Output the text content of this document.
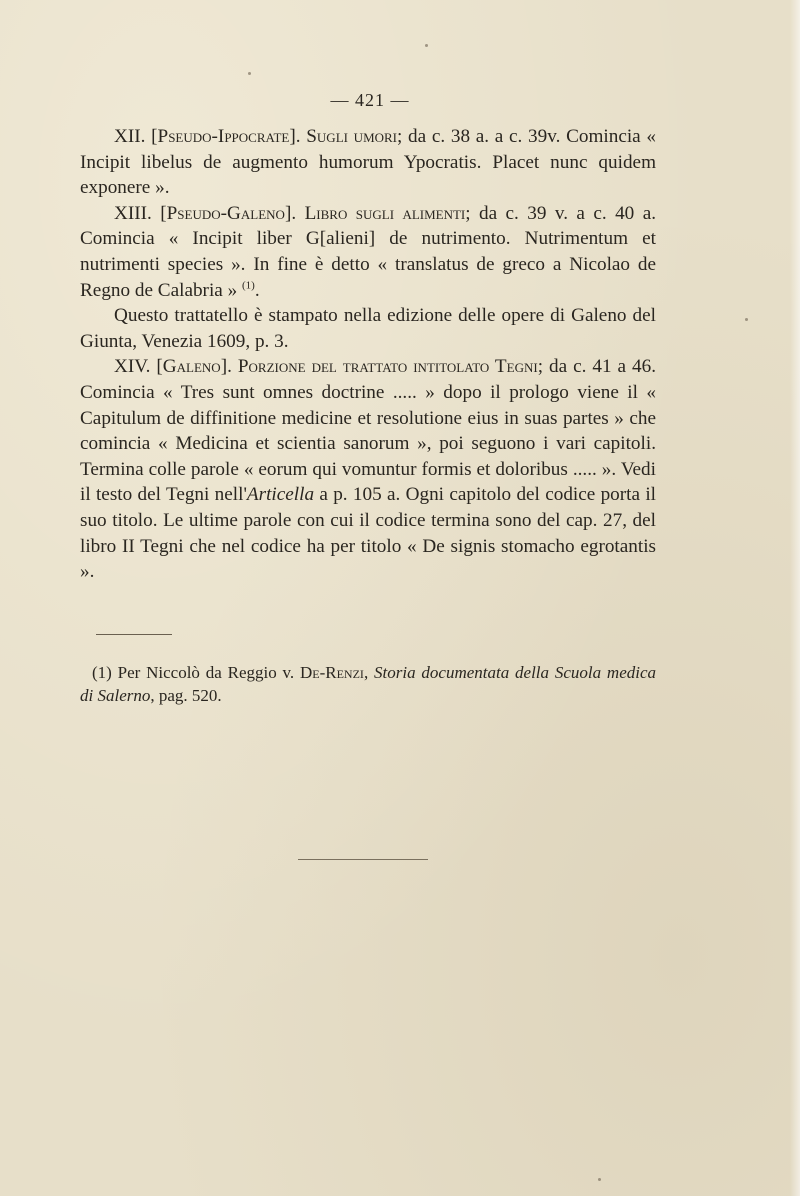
— 421 —

XII. [Pseudo-Ippocrate]. Sugli umori; da c. 38 a. a c. 39v. Comincia « Incipit libelus de augmento humorum Ypocratis. Placet nunc quidem exponere ».

XIII. [Pseudo-Galeno]. Libro sugli alimenti; da c. 39 v. a c. 40 a. Comincia « Incipit liber G[alieni] de nutrimento. Nutrimentum et nutrimenti species ». In fine è detto « translatus de greco a Nicolao de Regno de Calabria » $^{(1)}$.

Questo trattatello è stampato nella edizione delle opere di Galeno del Giunta, Venezia 1609, p. 3.

XIV. [Galeno]. Porzione del trattato intitolato Tegni; da c. 41 a 46. Comincia « Tres sunt omnes doctrine ..... » dopo il prologo viene il « Capitulum de diffinitione medicine et resolutione eius in suas partes » che comincia « Medicina et scientia sanorum », poi seguono i vari capitoli. Termina colle parole « eorum qui vomuntur formis et doloribus ..... ». Vedi il testo del Tegni nell'Articella a p. 105 a. Ogni capitolo del codice porta il suo titolo. Le ultime parole con cui il codice termina sono del cap. 27, del libro II Tegni che nel codice ha per titolo « De signis stomacho egrotantis ».

(1) Per Niccolò da Reggio v. De-Renzi, Storia documentata della Scuola medica di Salerno, pag. 520.
